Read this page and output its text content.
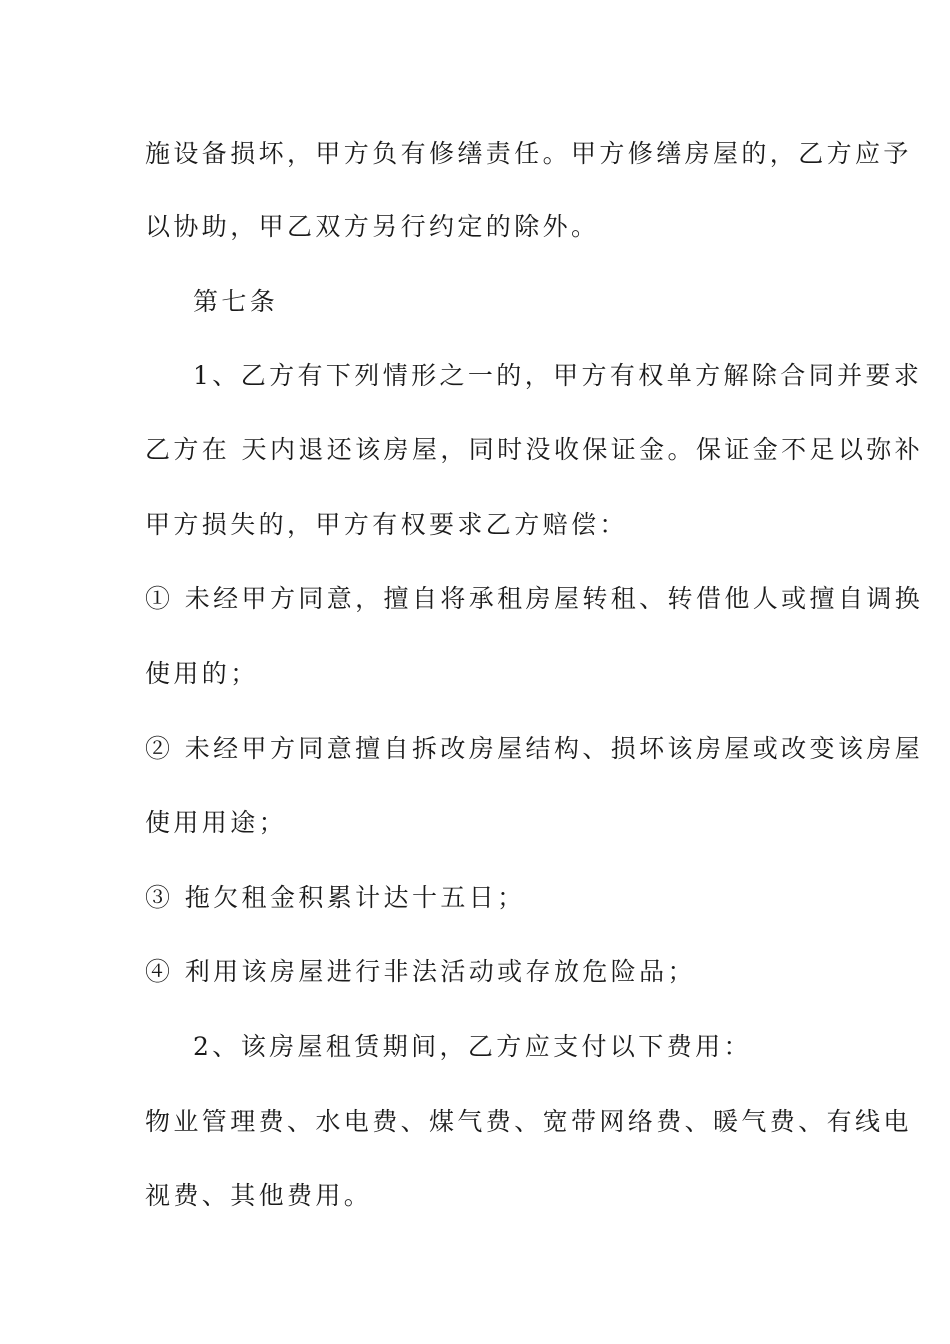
施设备损坏，甲方负有修缮责任。甲方修缮房屋的，乙方应予
以协助，甲乙双方另行约定的除外。
第七条
1、乙方有下列情形之一的，甲方有权单方解除合同并要求
乙方在 天内退还该房屋，同时没收保证金。保证金不足以弥补
甲方损失的，甲方有权要求乙方赔偿：
① 未经甲方同意，擅自将承租房屋转租、转借他人或擅自调换
使用的；
② 未经甲方同意擅自拆改房屋结构、损坏该房屋或改变该房屋
使用用途；
③ 拖欠租金积累计达十五日；
④ 利用该房屋进行非法活动或存放危险品；
2、该房屋租赁期间，乙方应支付以下费用：
物业管理费、水电费、煤气费、宽带网络费、暖气费、有线电
视费、其他费用。
